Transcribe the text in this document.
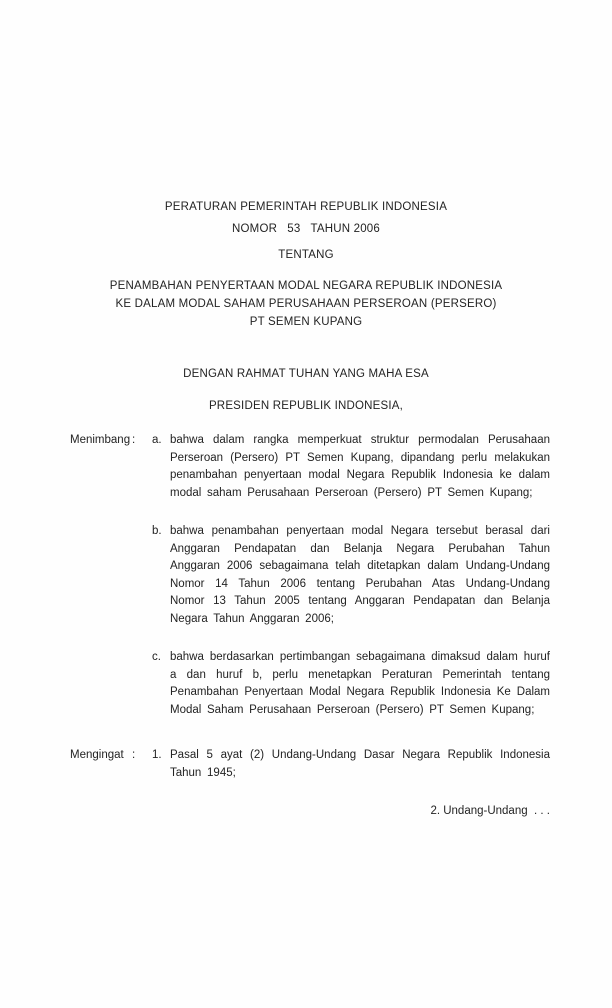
PERATURAN PEMERINTAH REPUBLIK INDONESIA
NOMOR   53   TAHUN 2006
TENTANG
PENAMBAHAN PENYERTAAN MODAL NEGARA REPUBLIK INDONESIA
KE DALAM MODAL SAHAM PERUSAHAAN PERSEROAN (PERSERO)
PT SEMEN KUPANG
DENGAN RAHMAT TUHAN YANG MAHA ESA
PRESIDEN REPUBLIK INDONESIA,
Menimbang :	a. bahwa dalam rangka memperkuat struktur permodalan Perusahaan Perseroan (Persero) PT Semen Kupang, dipandang perlu melakukan penambahan penyertaan modal Negara Republik Indonesia ke dalam modal saham Perusahaan Perseroan (Persero) PT Semen Kupang;
b. bahwa penambahan penyertaan modal Negara tersebut berasal dari Anggaran Pendapatan dan Belanja Negara Perubahan Tahun Anggaran 2006 sebagaimana telah ditetapkan dalam Undang-Undang Nomor 14 Tahun 2006 tentang Perubahan Atas Undang-Undang Nomor 13 Tahun 2005 tentang Anggaran Pendapatan dan Belanja Negara Tahun Anggaran 2006;
c. bahwa berdasarkan pertimbangan sebagaimana dimaksud dalam huruf a dan huruf b, perlu menetapkan Peraturan Pemerintah tentang Penambahan Penyertaan Modal Negara Republik Indonesia Ke Dalam Modal Saham Perusahaan Perseroan (Persero) PT Semen Kupang;
Mengingat :	1. Pasal 5 ayat (2) Undang-Undang Dasar Negara Republik Indonesia Tahun 1945;
2. Undang-Undang  . . .
